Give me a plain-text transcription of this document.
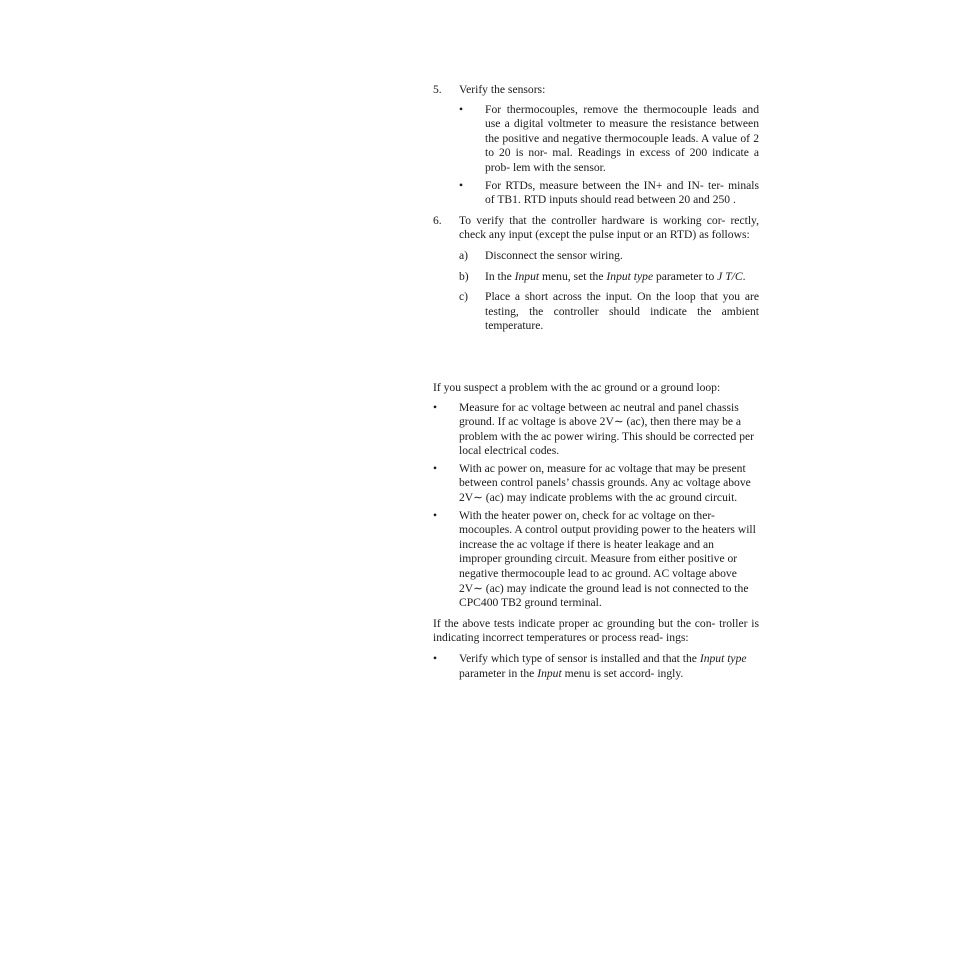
5.	Verify the sensors:
•	For thermocouples, remove the thermocouple leads and use a digital voltmeter to measure the resistance between the positive and negative thermocouple leads. A value of 2 to 20 is nor- mal. Readings in excess of 200 indicate a prob- lem with the sensor.
•	For RTDs, measure between the IN+ and IN- ter- minals of TB1. RTD inputs should read between 20 and 250 .
6.	To verify that the controller hardware is working cor- rectly, check any input (except the pulse input or an RTD) as follows:
a)	Disconnect the sensor wiring.
b)	In the Input menu, set the Input type parameter to J T/C.
c)	Place a short across the input. On the loop that you are testing, the controller should indicate the ambient temperature.

If you suspect a problem with the ac ground or a ground loop:

•	Measure for ac voltage between ac neutral and panel chassis ground. If ac voltage is above 2V∼ (ac), then there may be a problem with the ac power wiring. This should be corrected per local electrical codes.
•	With ac power on, measure for ac voltage that may be present between control panels’ chassis grounds. Any ac voltage above 2V∼ (ac) may indicate problems with the ac ground circuit.
•	With the heater power on, check for ac voltage on ther- mocouples. A control output providing power to the heaters will increase the ac voltage if there is heater leakage and an improper grounding circuit. Measure from either positive or negative thermocouple lead to ac ground. AC voltage above 2V∼ (ac) may indicate the ground lead is not connected to the CPC400 TB2 ground terminal.

If the above tests indicate proper ac grounding but the con- troller is indicating incorrect temperatures or process read- ings:

•	Verify which type of sensor is installed and that the Input type parameter in the Input menu is set accord- ingly.
